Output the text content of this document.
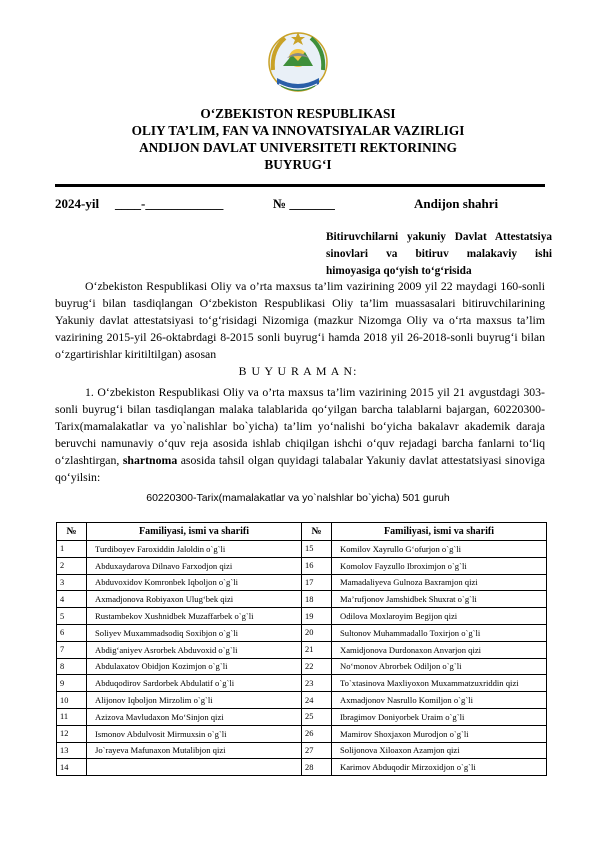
O‘ZBEKISTON RESPUBLIKASI
OLIY TA’LIM, FAN VA INNOVATSIYALAR VAZIRLIGI
ANDIJON DAVLAT UNIVERSITETI REKTORINING
BUYRUG‘I
2024-yil ____-____________	№ _______	Andijon shahri
Bitiruvchilarni yakuniy Davlat Attestatsiya
sinovlari va bitiruv malakaviy ishi
himoyasiga qo‘yish to‘g‘risida
O‘zbekiston Respublikasi Oliy va o’rta maxsus ta’lim vazirining 2009 yil 22 maydagi 160-sonli
buyrug‘i bilan tasdiqlangan O‘zbekiston Respublikasi Oliy ta’lim muassasalari bitiruvchilarining
Yakuniy davlat attestatsiyasi to‘g‘risidagi Nizomiga (mazkur Nizomga Oliy va o‘rta maxsus ta’lim
vazirining 2015-yil 26-oktabrdagi 8-2015 sonli buyrug‘i hamda 2018 yil 26-2018-sonli buyrug‘i bilan
o‘zgartirishlar kiritiltilgan) asosan
B U Y U R A M A N:
1. O‘zbekiston Respublikasi Oliy va o’rta maxsus ta’lim vazirining 2015 yil 21 avgustdagi 303-
sonli buyrug‘i bilan tasdiqlangan malaka talablarida qo‘yilgan barcha talablarni bajargan, 60220300-
Tarix(mamalakatlar va yo`nalishlar bo`yicha) ta’lim yo‘nalishi bo‘yicha bakalavr akademik daraja
beruvchi namunaviy o‘quv reja asosida ishlab chiqilgan ishchi o‘quv rejadagi barcha fanlarni to‘liq
o‘zlashtirgan, shartnoma asosida tahsil olgan quyidagi talabalar Yakuniy davlat attestatsiyasi sinoviga
qo‘yilsin:
60220300-Tarix(mamalakatlar va yo`nalshlar bo`yicha) 501 guruh
№	Familiyasi, ismi va sharifi	№	Familiyasi, ismi va sharifi
1	Turdiboyev Faroxiddin Jaloldin o`g`li	15	Komilov Xayrullo G‘ofurjon o`g`li
2	Abduxaydarova Dilnavo Farxodjon qizi	16	Komolov Fayzullo Ibroximjon o`g`li
3	Abduvoxidov Komronbek Iqboljon o`g`li	17	Mamadaliyeva Gulnoza Baxramjon qizi
4	Axmadjonova Robiyaxon Ulug‘bek qizi	18	Ma’rufjonov Jamshidbek Shuxrat o`g`li
5	Rustambekov Xushnidbek Muzaffarbek o`g`li	19	Odilova Moxlaroyim Begijon qizi
6	Soliyev Muxammadsodiq Soxibjon o`g`li	20	Sultonov Muhammadallo Toxirjon o`g`li
7	Abdig‘aniyev Asrorbek Abduvoxid o`g`li	21	Xamidjonova Durdonaxon Anvarjon qizi
8	Abdulaxatov Obidjon Kozimjon o`g`li	22	No‘monov Abrorbek Odiljon o`g`li
9	Abduqodirov Sardorbek Abdulatif o`g`li	23	To`xtasinova Maxliyoxon Muxammatzuxriddin qizi
10	Alijonov Iqboljon Mirzolim o`g`li	24	Axmadjonov Nasrullo Komiljon o`g`li
11	Azizova Mavludaxon Mo‘Sinjon qizi	25	Ibragimov Doniyorbek Uraim o`g`li
12	Ismonov Abdulvosit Mirmuxsin o`g`li	26	Mamirov Shoxjaxon Murodjon o`g`li
13	Jo`rayeva Mafunaxon Mutalibjon qizi	27	Solijonova Xiloaxon Azamjon qizi
14		28	Karimov Abduqodir Mirzoxidjon o`g`li
